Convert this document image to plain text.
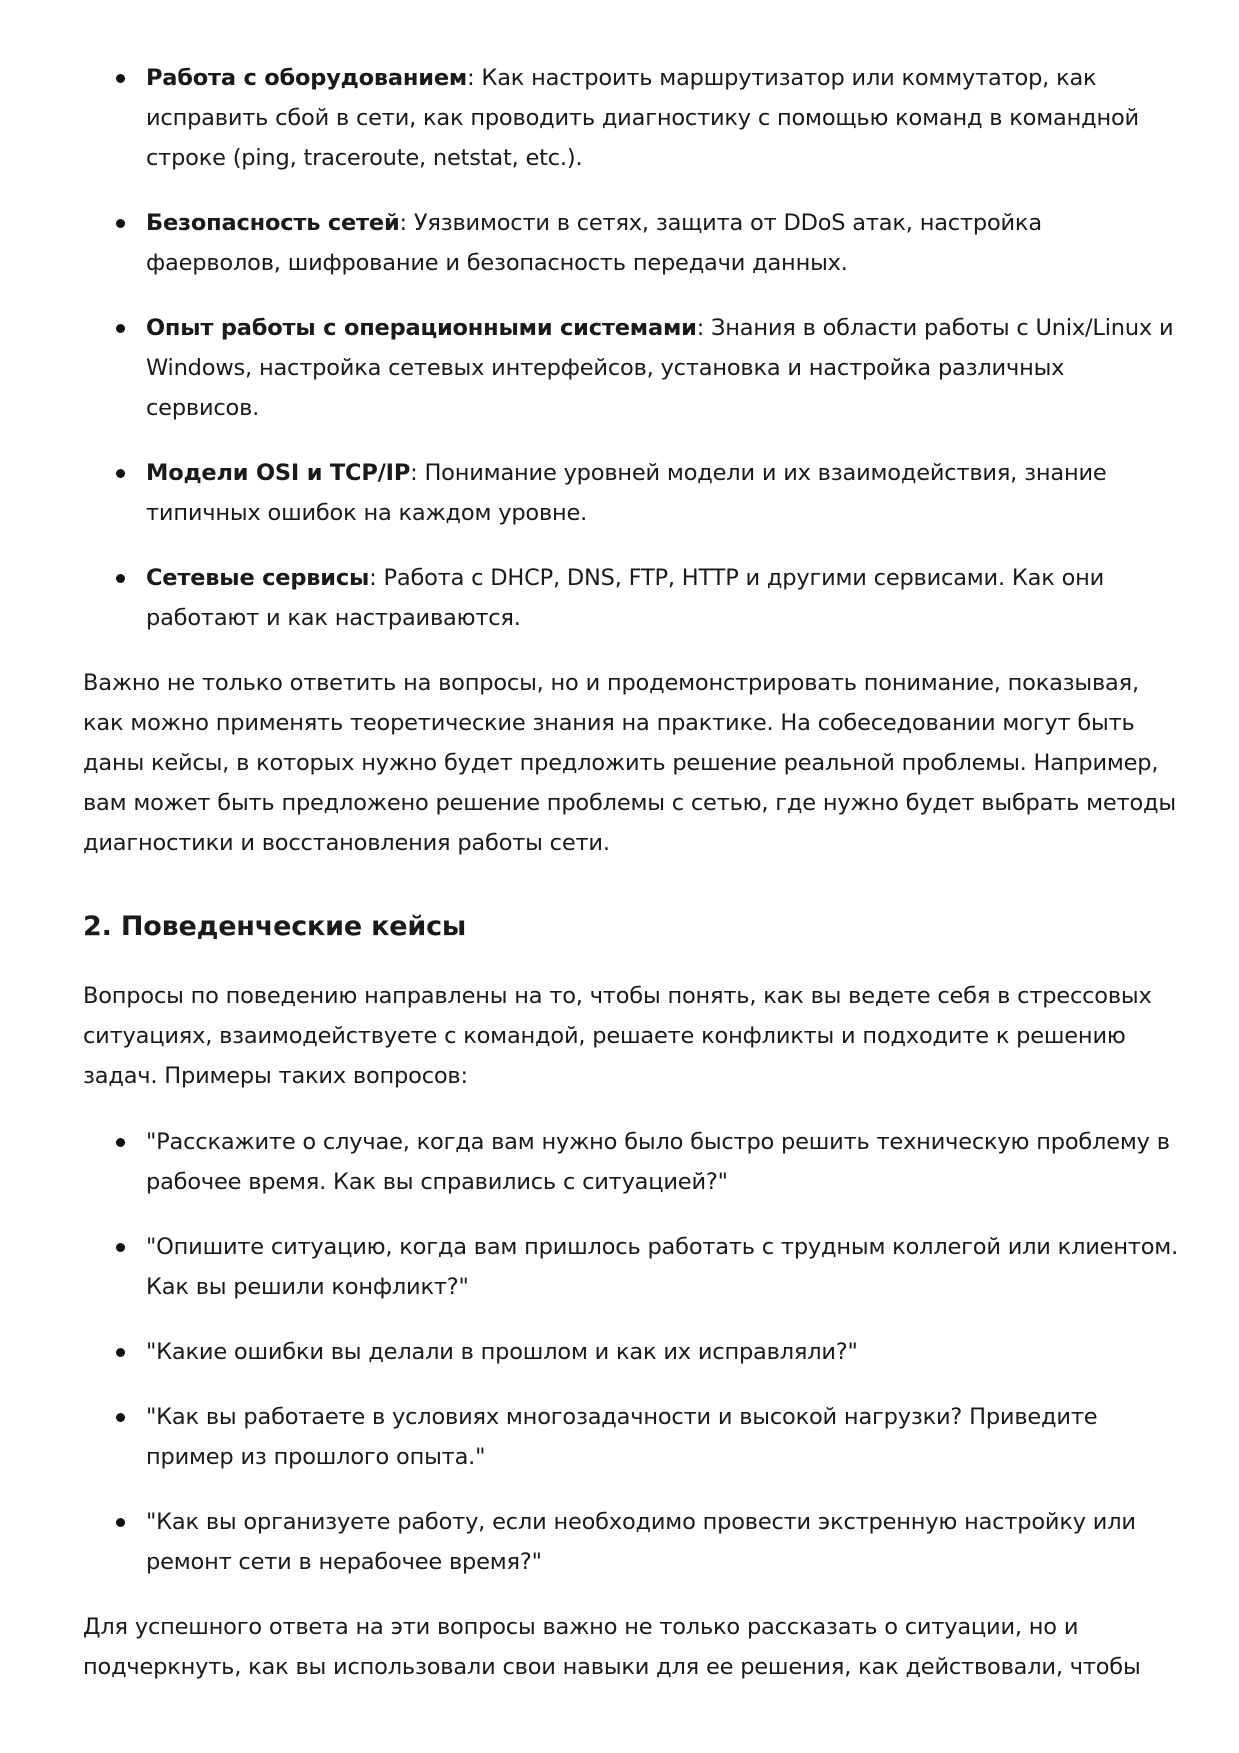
Работа с оборудованием: Как настроить маршрутизатор или коммутатор, как исправить сбой в сети, как проводить диагностику с помощью команд в командной строке (ping, traceroute, netstat, etc.).
Безопасность сетей: Уязвимости в сетях, защита от DDoS атак, настройка фаерволов, шифрование и безопасность передачи данных.
Опыт работы с операционными системами: Знания в области работы с Unix/Linux и Windows, настройка сетевых интерфейсов, установка и настройка различных сервисов.
Модели OSI и TCP/IP: Понимание уровней модели и их взаимодействия, знание типичных ошибок на каждом уровне.
Сетевые сервисы: Работа с DHCP, DNS, FTP, HTTP и другими сервисами. Как они работают и как настраиваются.

Важно не только ответить на вопросы, но и продемонстрировать понимание, показывая, как можно применять теоретические знания на практике. На собеседовании могут быть даны кейсы, в которых нужно будет предложить решение реальной проблемы. Например, вам может быть предложено решение проблемы с сетью, где нужно будет выбрать методы диагностики и восстановления работы сети.

2. Поведенческие кейсы

Вопросы по поведению направлены на то, чтобы понять, как вы ведете себя в стрессовых ситуациях, взаимодействуете с командой, решаете конфликты и подходите к решению задач. Примеры таких вопросов:

"Расскажите о случае, когда вам нужно было быстро решить техническую проблему в рабочее время. Как вы справились с ситуацией?"
"Опишите ситуацию, когда вам пришлось работать с трудным коллегой или клиентом. Как вы решили конфликт?"
"Какие ошибки вы делали в прошлом и как их исправляли?"
"Как вы работаете в условиях многозадачности и высокой нагрузки? Приведите пример из прошлого опыта."
"Как вы организуете работу, если необходимо провести экстренную настройку или ремонт сети в нерабочее время?"

Для успешного ответа на эти вопросы важно не только рассказать о ситуации, но и подчеркнуть, как вы использовали свои навыки для ее решения, как действовали, чтобы
